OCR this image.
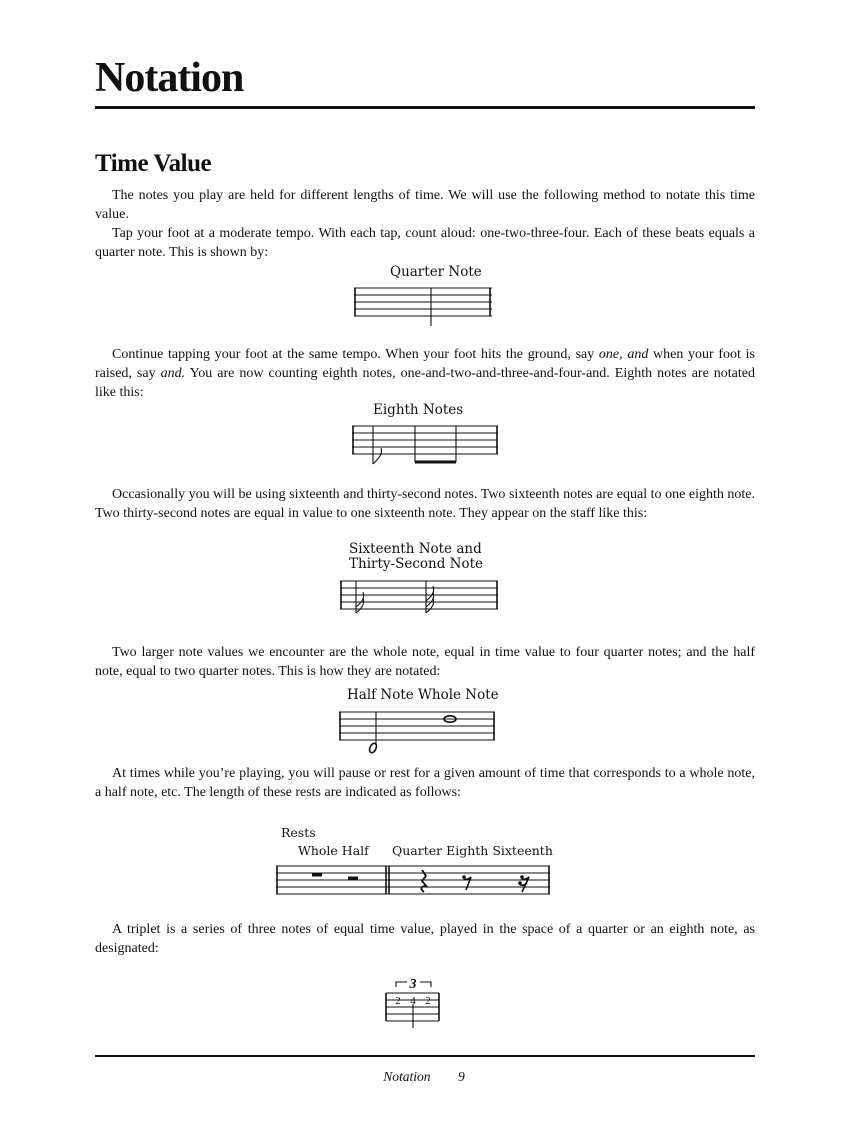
Notation
Time Value

The notes you play are held for different lengths of time. We will use the following method to notate this time value.

Tap your foot at a moderate tempo. With each tap, count aloud: one-two-three-four. Each of these beats equals a quarter note. This is shown by:

Quarter Note

Continue tapping your foot at the same tempo. When your foot hits the ground, say one, and when your foot is raised, say and. You are now counting eighth notes, one-and-two-and-three-and-four-and. Eighth notes are notated like this:

Eighth Notes

Occasionally you will be using sixteenth and thirty-second notes. Two sixteenth notes are equal to one eighth note. Two thirty-second notes are equal in value to one sixteenth note. They appear on the staff like this:

Sixteenth Note and
Thirty-Second Note

Two larger note values we encounter are the whole note, equal in time value to four quarter notes; and the half note, equal to two quarter notes. This is how they are notated:

Half Note Whole Note

At times while you’re playing, you will pause or rest for a given amount of time that corresponds to a whole note, a half note, etc. The length of these rests are indicated as follows:

Rests
Whole Half Quarter Eighth Sixteenth

A triplet is a series of three notes of equal time value, played in the space of a quarter or an eighth note, as designated:

3
2 4 2
Notation 9
